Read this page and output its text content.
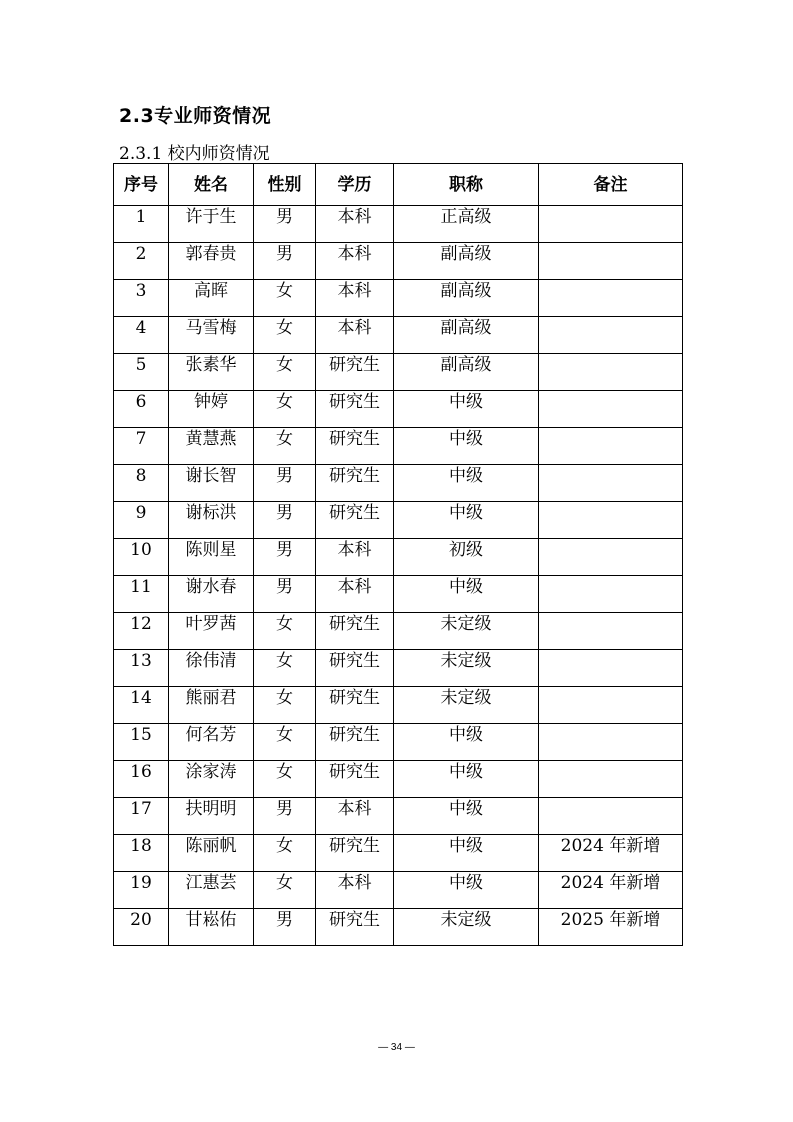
2.3专业师资情况
2.3.1 校内师资情况
序号	姓名	性别	学历	职称	备注
1	许于生	男	本科	正高级	
2	郭春贵	男	本科	副高级	
3	高晖	女	本科	副高级	
4	马雪梅	女	本科	副高级	
5	张素华	女	研究生	副高级	
6	钟婷	女	研究生	中级	
7	黄慧燕	女	研究生	中级	
8	谢长智	男	研究生	中级	
9	谢标洪	男	研究生	中级	
10	陈则星	男	本科	初级	
11	谢水春	男	本科	中级	
12	叶罗茜	女	研究生	未定级	
13	徐伟清	女	研究生	未定级	
14	熊丽君	女	研究生	未定级	
15	何名芳	女	研究生	中级	
16	涂家涛	女	研究生	中级	
17	扶明明	男	本科	中级	
18	陈丽帆	女	研究生	中级	2024 年新增
19	江惠芸	女	本科	中级	2024 年新增
20	甘崧佑	男	研究生	未定级	2025 年新增
— 34 —
